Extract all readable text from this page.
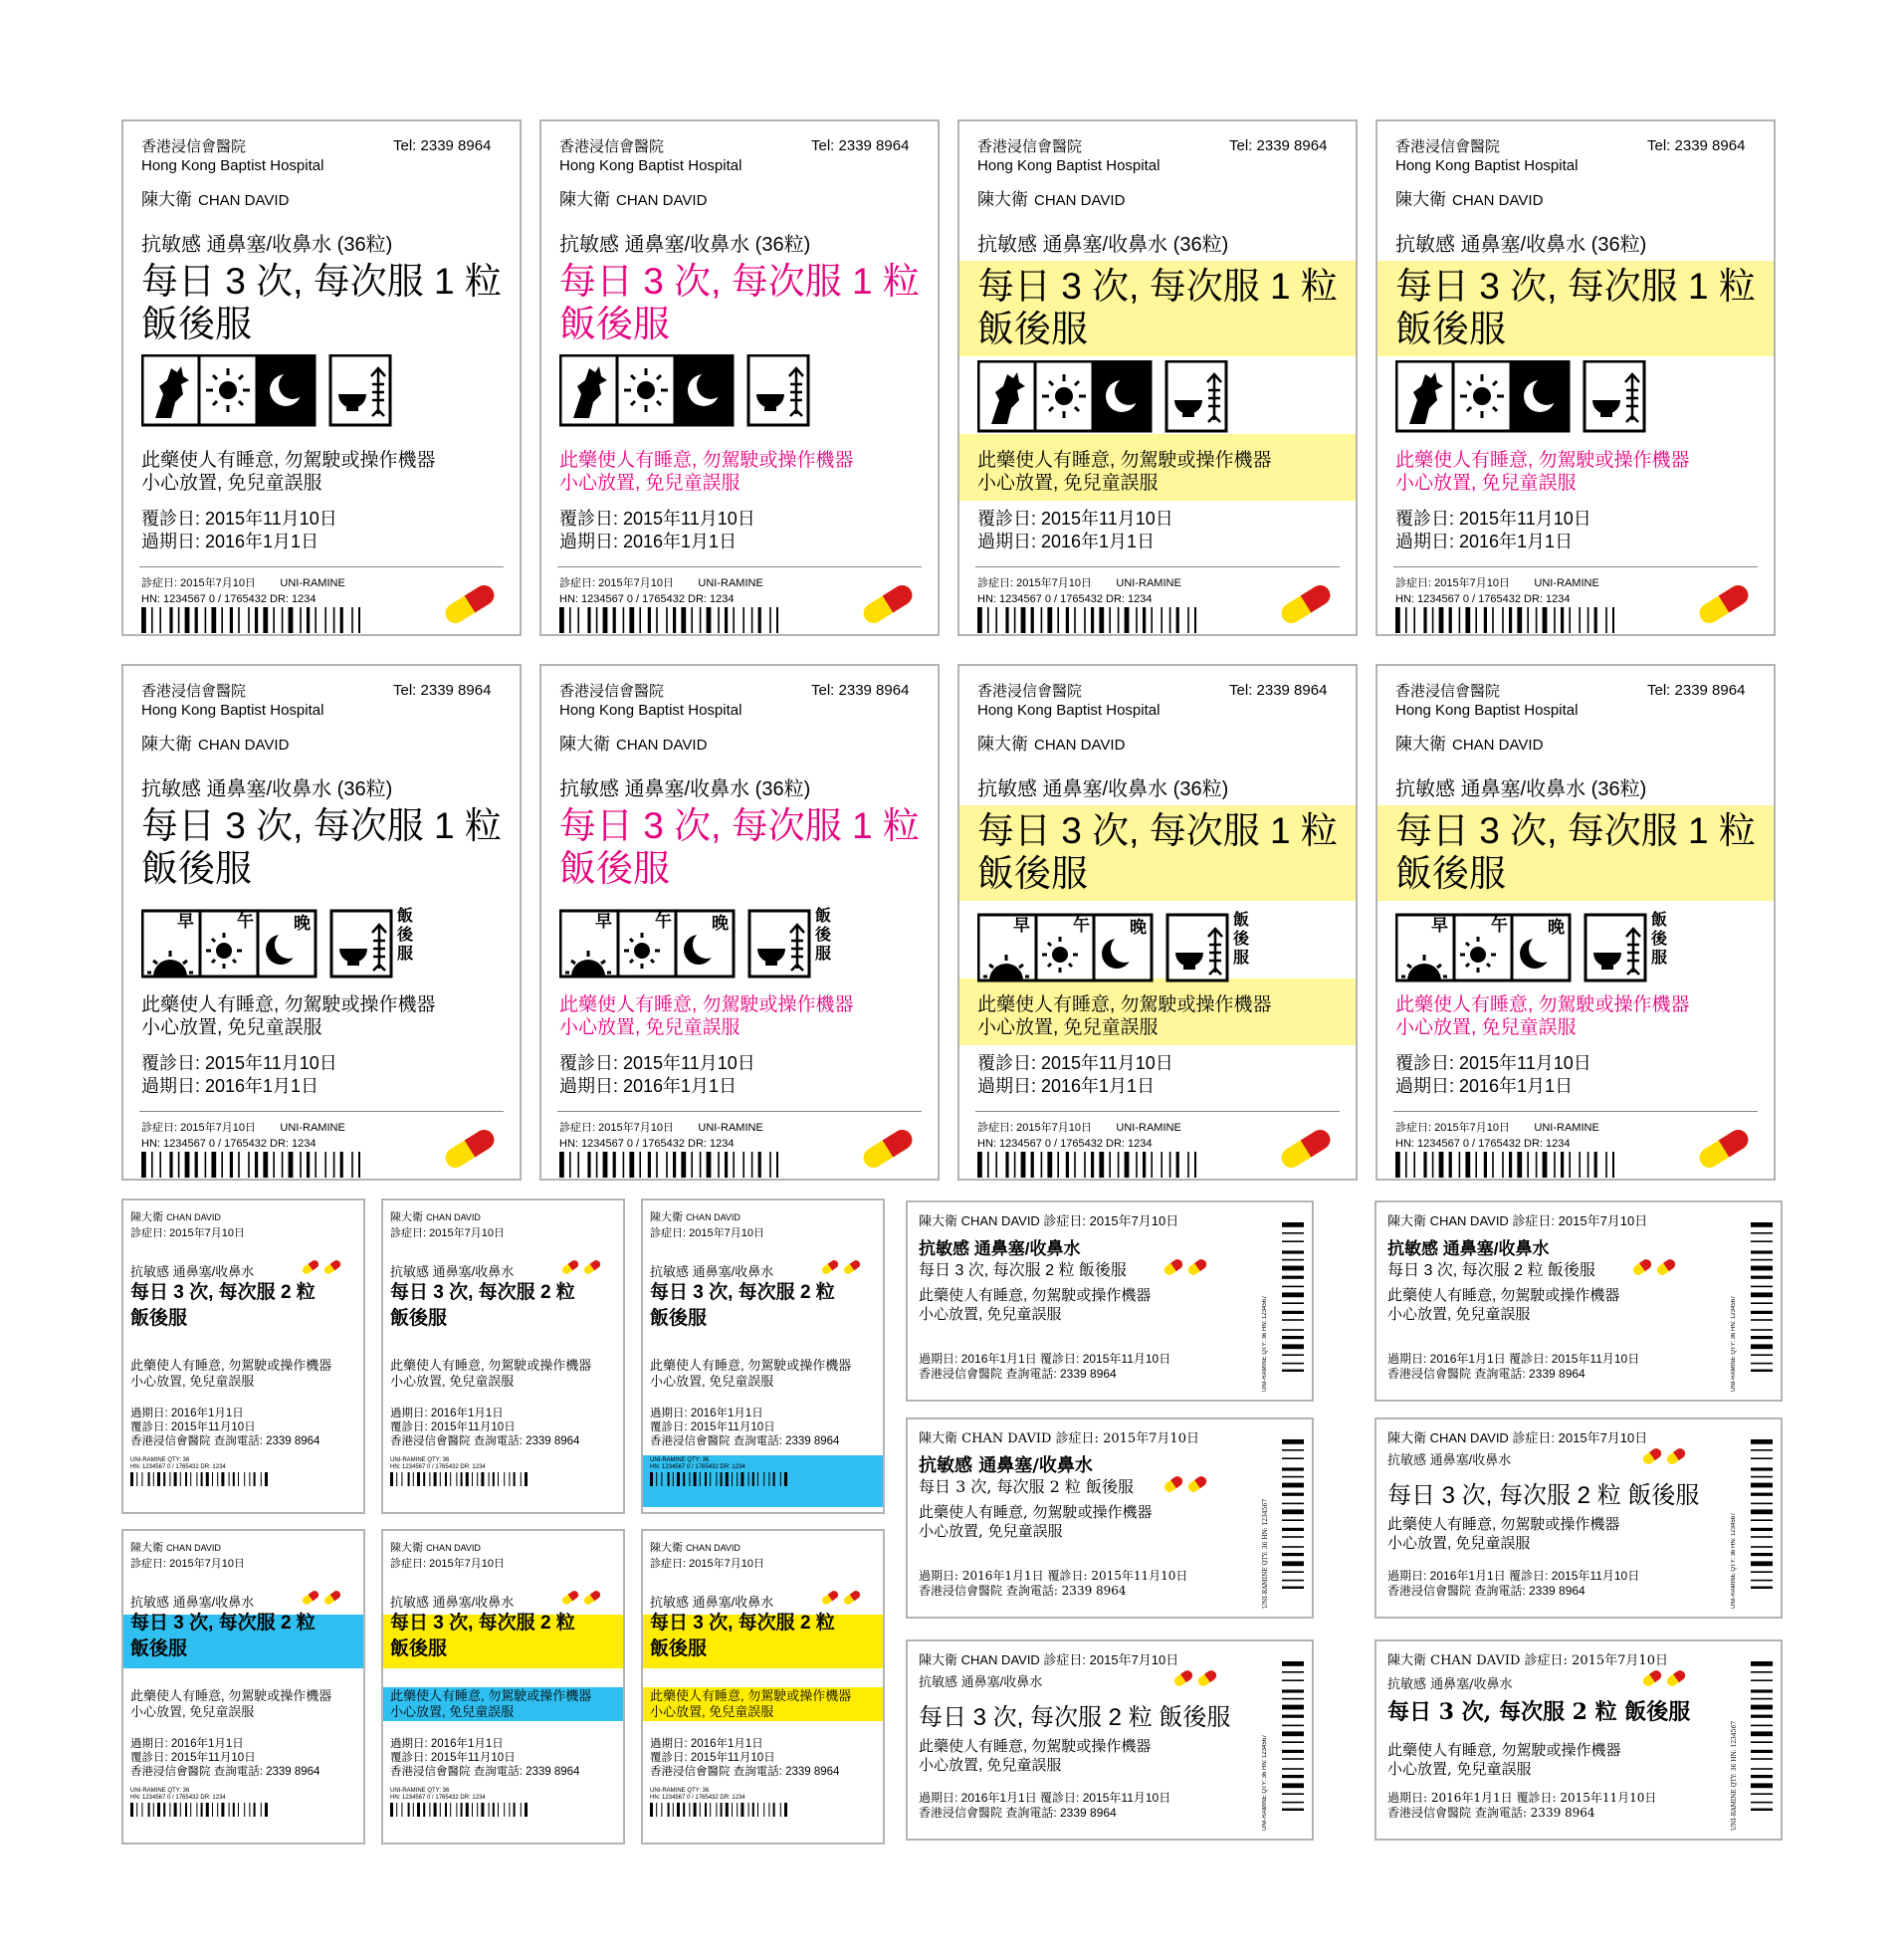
香港浸信會醫院
Hong Kong Baptist Hospital
Tel: 2339 8964
陳大衛 CHAN DAVID
抗敏感 通鼻塞/收鼻水 (36粒)
每日 3 次, 每次服 1 粒
飯後服
此藥使人有睡意, 勿駕駛或操作機器
小心放置, 免兒童誤服
覆診日: 2015年11月10日
過期日: 2016年1月1日
診症日: 2015年7月10日 UNI-RAMINE
HN: 1234567 0 / 1765432 DR: 1234
香港浸信會醫院
Hong Kong Baptist Hospital
Tel: 2339 8964
陳大衛 CHAN DAVID
抗敏感 通鼻塞/收鼻水 (36粒)
每日 3 次, 每次服 1 粒
飯後服
此藥使人有睡意, 勿駕駛或操作機器
小心放置, 免兒童誤服
覆診日: 2015年11月10日
過期日: 2016年1月1日
診症日: 2015年7月10日 UNI-RAMINE
HN: 1234567 0 / 1765432 DR: 1234
香港浸信會醫院
Hong Kong Baptist Hospital
Tel: 2339 8964
陳大衛 CHAN DAVID
抗敏感 通鼻塞/收鼻水 (36粒)
每日 3 次, 每次服 1 粒
飯後服
此藥使人有睡意, 勿駕駛或操作機器
小心放置, 免兒童誤服
覆診日: 2015年11月10日
過期日: 2016年1月1日
診症日: 2015年7月10日 UNI-RAMINE
HN: 1234567 0 / 1765432 DR: 1234
香港浸信會醫院
Hong Kong Baptist Hospital
Tel: 2339 8964
陳大衛 CHAN DAVID
抗敏感 通鼻塞/收鼻水 (36粒)
每日 3 次, 每次服 1 粒
飯後服
此藥使人有睡意, 勿駕駛或操作機器
小心放置, 免兒童誤服
覆診日: 2015年11月10日
過期日: 2016年1月1日
診症日: 2015年7月10日 UNI-RAMINE
HN: 1234567 0 / 1765432 DR: 1234
香港浸信會醫院
Hong Kong Baptist Hospital
Tel: 2339 8964
陳大衛 CHAN DAVID
抗敏感 通鼻塞/收鼻水 (36粒)
每日 3 次, 每次服 1 粒
飯後服
早	午 晚	飯後服
此藥使人有睡意, 勿駕駛或操作機器
小心放置, 免兒童誤服
覆診日: 2015年11月10日
過期日: 2016年1月1日
診症日: 2015年7月10日 UNI-RAMINE
HN: 1234567 0 / 1765432 DR: 1234
香港浸信會醫院
Hong Kong Baptist Hospital
Tel: 2339 8964
陳大衛 CHAN DAVID
抗敏感 通鼻塞/收鼻水 (36粒)
每日 3 次, 每次服 1 粒
飯後服
早	午 晚	飯後服
此藥使人有睡意, 勿駕駛或操作機器
小心放置, 免兒童誤服
覆診日: 2015年11月10日
過期日: 2016年1月1日
診症日: 2015年7月10日 UNI-RAMINE
HN: 1234567 0 / 1765432 DR: 1234
香港浸信會醫院
Hong Kong Baptist Hospital
Tel: 2339 8964
陳大衛 CHAN DAVID
抗敏感 通鼻塞/收鼻水 (36粒)
每日 3 次, 每次服 1 粒
飯後服
早	午 晚	飯後服
此藥使人有睡意, 勿駕駛或操作機器
小心放置, 免兒童誤服
覆診日: 2015年11月10日
過期日: 2016年1月1日
診症日: 2015年7月10日 UNI-RAMINE
HN: 1234567 0 / 1765432 DR: 1234
香港浸信會醫院
Hong Kong Baptist Hospital
Tel: 2339 8964
陳大衛 CHAN DAVID
抗敏感 通鼻塞/收鼻水 (36粒)
每日 3 次, 每次服 1 粒
飯後服
早	午 晚	飯後服
此藥使人有睡意, 勿駕駛或操作機器
小心放置, 免兒童誤服
覆診日: 2015年11月10日
過期日: 2016年1月1日
診症日: 2015年7月10日 UNI-RAMINE
HN: 1234567 0 / 1765432 DR: 1234
陳大衛 CHAN DAVID
診症日: 2015年7月10日
抗敏感 通鼻塞/收鼻水
每日 3 次, 每次服 2 粒
飯後服
此藥使人有睡意, 勿駕駛或操作機器
小心放置, 免兒童誤服
過期日: 2016年1月1日
覆診日: 2015年11月10日
香港浸信會醫院 查詢電話: 2339 8964
UNI-RAMINE QTY: 36
HN: 1234567 0 / 1765432 DR: 1234
陳大衛 CHAN DAVID
診症日: 2015年7月10日
抗敏感 通鼻塞/收鼻水
每日 3 次, 每次服 2 粒
飯後服
此藥使人有睡意, 勿駕駛或操作機器
小心放置, 免兒童誤服
過期日: 2016年1月1日
覆診日: 2015年11月10日
香港浸信會醫院 查詢電話: 2339 8964
UNI-RAMINE QTY: 36
HN: 1234567 0 / 1765432 DR: 1234
陳大衛 CHAN DAVID
診症日: 2015年7月10日
抗敏感 通鼻塞/收鼻水
每日 3 次, 每次服 2 粒
飯後服
此藥使人有睡意, 勿駕駛或操作機器
小心放置, 免兒童誤服
過期日: 2016年1月1日
覆診日: 2015年11月10日
香港浸信會醫院 查詢電話: 2339 8964
UNI-RAMINE QTY: 36
HN: 1234567 0 / 1765432 DR: 1234
陳大衛 CHAN DAVID
診症日: 2015年7月10日
抗敏感 通鼻塞/收鼻水
每日 3 次, 每次服 2 粒
飯後服
此藥使人有睡意, 勿駕駛或操作機器
小心放置, 免兒童誤服
過期日: 2016年1月1日
覆診日: 2015年11月10日
香港浸信會醫院 查詢電話: 2339 8964
UNI-RAMINE QTY: 36
HN: 1234567 0 / 1765432 DR: 1234
陳大衛 CHAN DAVID
診症日: 2015年7月10日
抗敏感 通鼻塞/收鼻水
每日 3 次, 每次服 2 粒
飯後服
此藥使人有睡意, 勿駕駛或操作機器
小心放置, 免兒童誤服
過期日: 2016年1月1日
覆診日: 2015年11月10日
香港浸信會醫院 查詢電話: 2339 8964
UNI-RAMINE QTY: 36
HN: 1234567 0 / 1765432 DR: 1234
陳大衛 CHAN DAVID
診症日: 2015年7月10日
抗敏感 通鼻塞/收鼻水
每日 3 次, 每次服 2 粒
飯後服
此藥使人有睡意, 勿駕駛或操作機器
小心放置, 免兒童誤服
過期日: 2016年1月1日
覆診日: 2015年11月10日
香港浸信會醫院 查詢電話: 2339 8964
UNI-RAMINE QTY: 36
HN: 1234567 0 / 1765432 DR: 1234
陳大衛 CHAN DAVID 診症日: 2015年7月10日
抗敏感 通鼻塞/收鼻水
每日 3 次, 每次服 2 粒 飯後服
此藥使人有睡意, 勿駕駛或操作機器
小心放置, 免兒童誤服
過期日: 2016年1月1日 覆診日: 2015年11月10日
香港浸信會醫院 查詢電話: 2339 8964	UNI-RAMINE QTY: 36 HN: 1234567
陳大衛 CHAN DAVID 診症日: 2015年7月10日
抗敏感 通鼻塞/收鼻水
每日 3 次, 每次服 2 粒 飯後服
此藥使人有睡意, 勿駕駛或操作機器
小心放置, 免兒童誤服
過期日: 2016年1月1日 覆診日: 2015年11月10日
香港浸信會醫院 查詢電話: 2339 8964	UNI-RAMINE QTY: 36 HN: 1234567
陳大衛 CHAN DAVID 診症日: 2015年7月10日
抗敏感 通鼻塞/收鼻水
每日 3 次, 每次服 2 粒 飯後服
此藥使人有睡意, 勿駕駛或操作機器
小心放置, 免兒童誤服
過期日: 2016年1月1日 覆診日: 2015年11月10日
香港浸信會醫院 查詢電話: 2339 8964	UNI-RAMINE QTY: 36 HN: 1234567
陳大衛 CHAN DAVID 診症日: 2015年7月10日
抗敏感 通鼻塞/收鼻水
每日 3 次, 每次服 2 粒 飯後服
此藥使人有睡意, 勿駕駛或操作機器
小心放置, 免兒童誤服
過期日: 2016年1月1日 覆診日: 2015年11月10日
香港浸信會醫院 查詢電話: 2339 8964	UNI-RAMINE QTY: 36 HN: 1234567
陳大衛 CHAN DAVID 診症日: 2015年7月10日
抗敏感 通鼻塞/收鼻水
每日 3 次, 每次服 2 粒 飯後服
此藥使人有睡意, 勿駕駛或操作機器
小心放置, 免兒童誤服
過期日: 2016年1月1日 覆診日: 2015年11月10日
香港浸信會醫院 查詢電話: 2339 8964	UNI-RAMINE QTY: 36 HN: 1234567
陳大衛 CHAN DAVID 診症日: 2015年7月10日
抗敏感 通鼻塞/收鼻水
每日 3 次, 每次服 2 粒 飯後服
此藥使人有睡意, 勿駕駛或操作機器
小心放置, 免兒童誤服
過期日: 2016年1月1日 覆診日: 2015年11月10日
香港浸信會醫院 查詢電話: 2339 8964	UNI-RAMINE QTY: 36 HN: 1234567
